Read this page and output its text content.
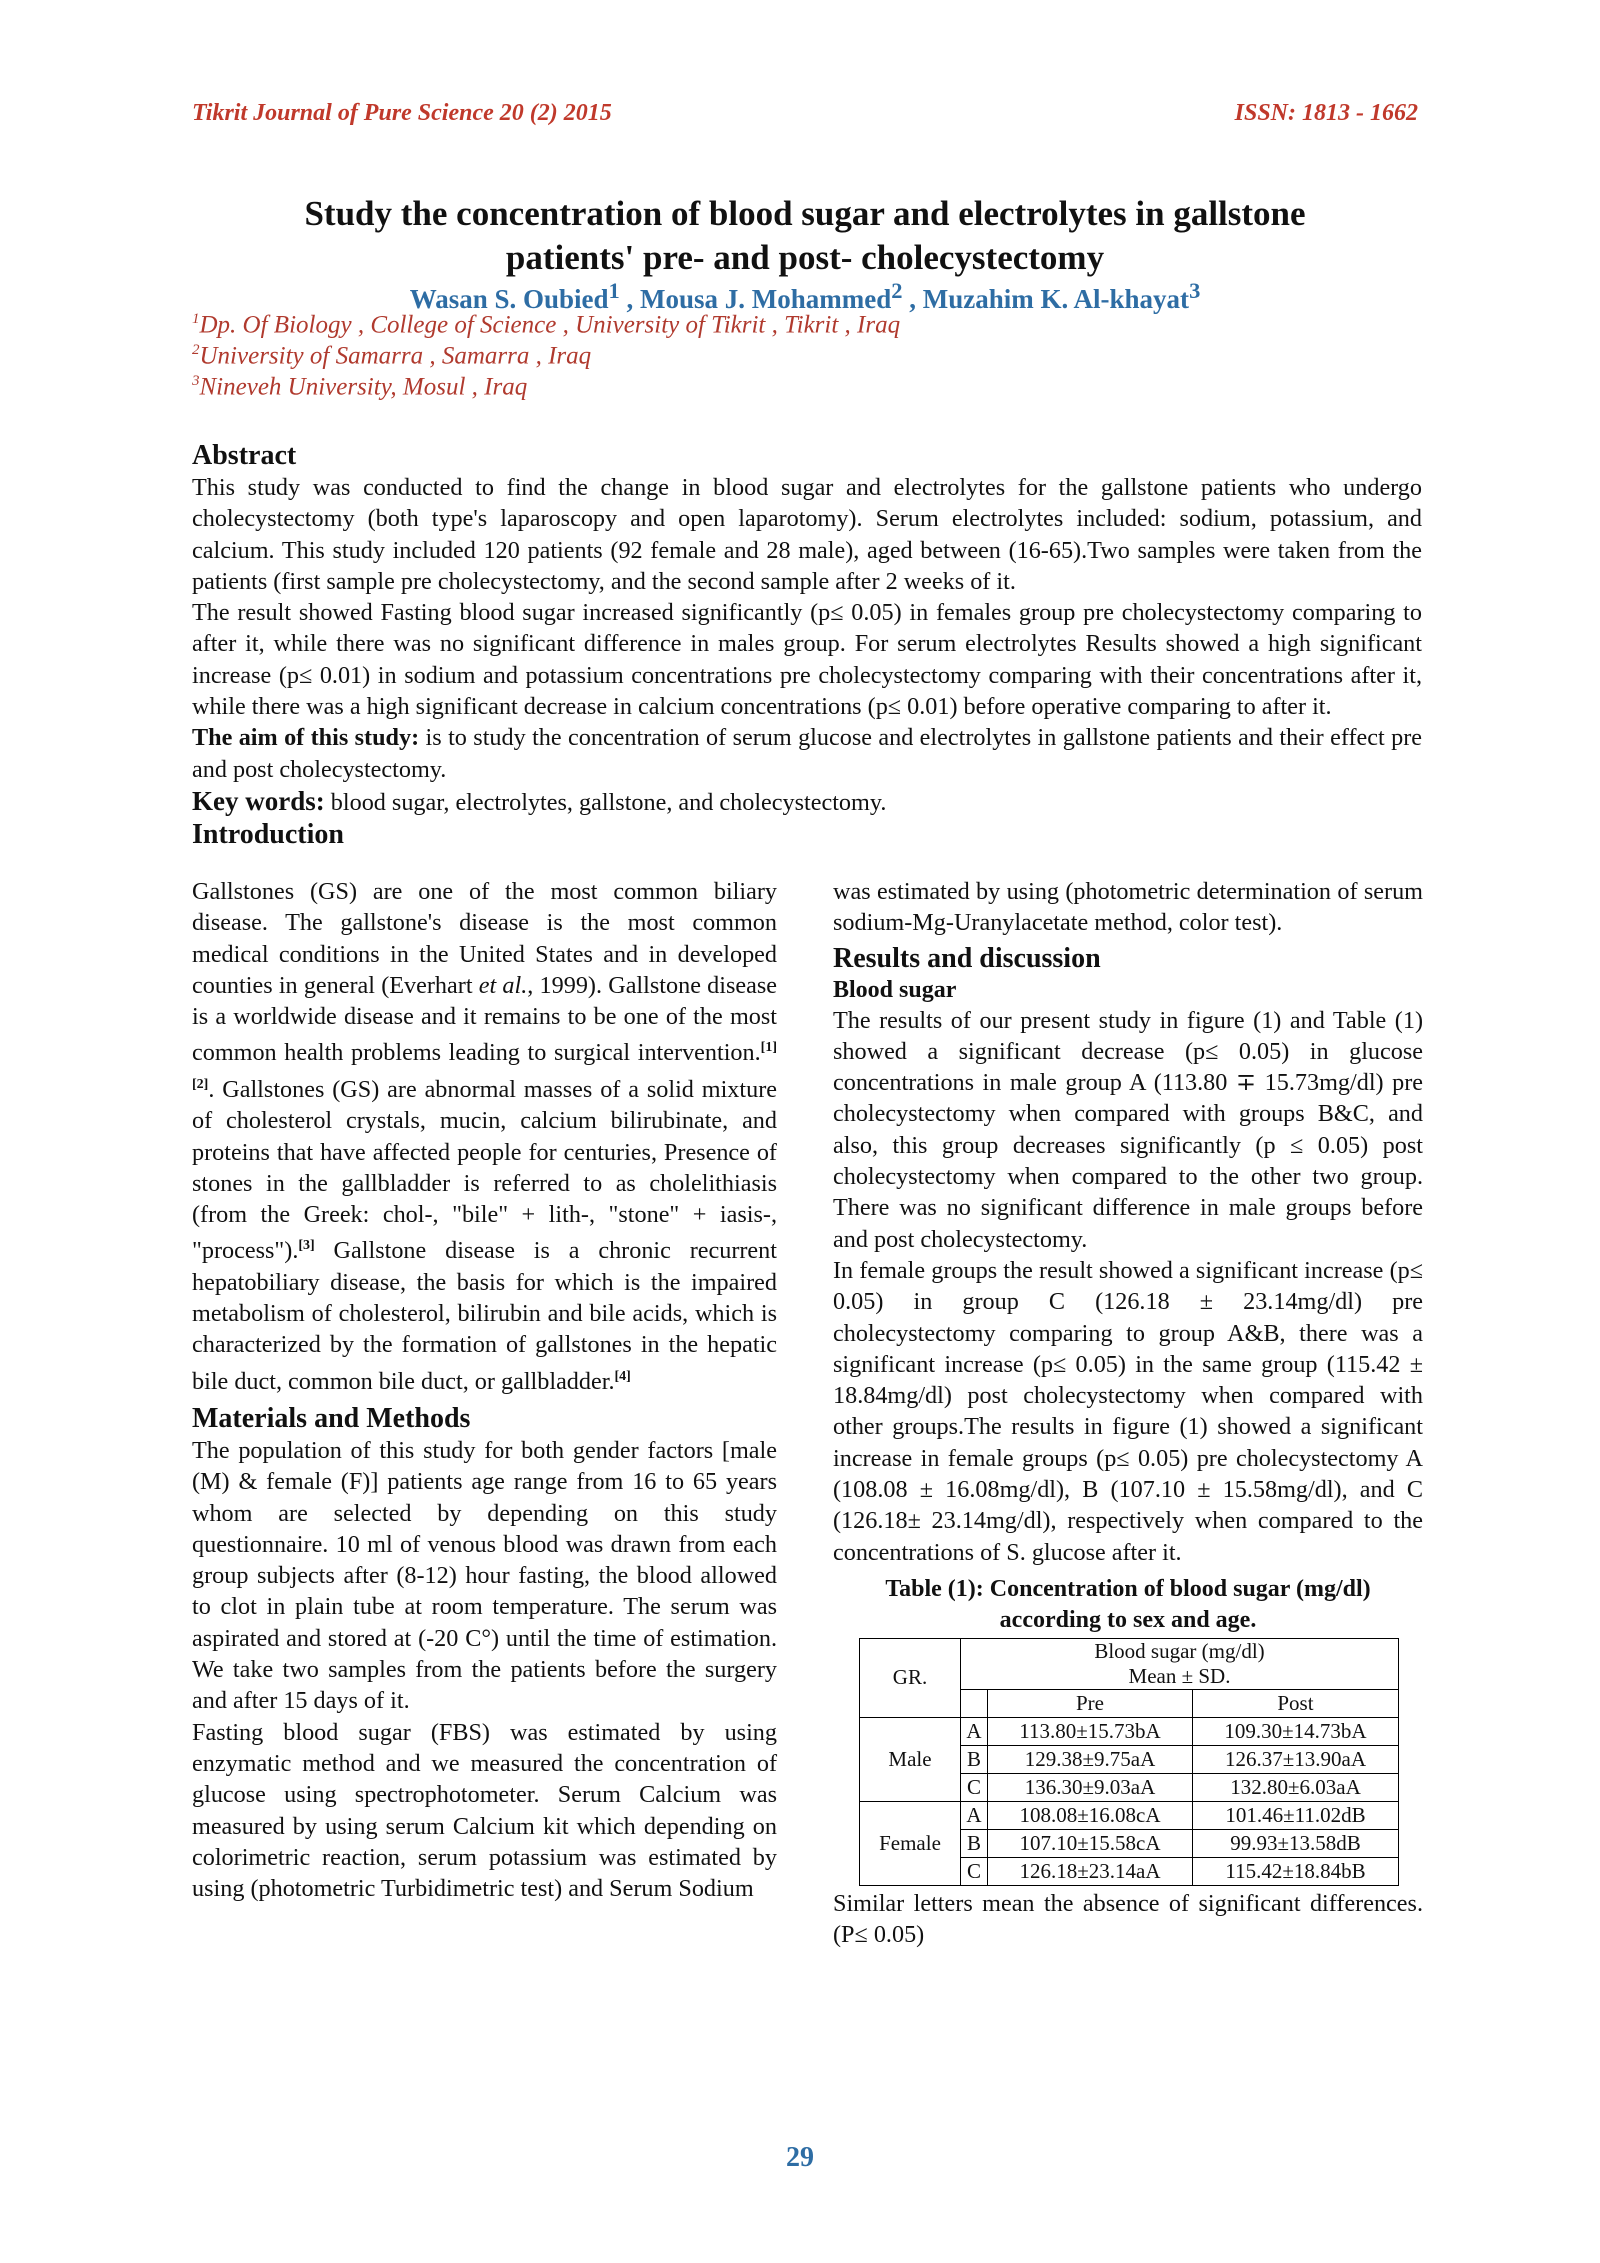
Tikrit Journal of Pure Science 20 (2) 2015	ISSN: 1813 - 1662
Study the concentration of blood sugar and electrolytes in gallstone
patients' pre- and post- cholecystectomy
Wasan S. Oubied$^1$ , Mousa J. Mohammed$^2$ , Muzahim K. Al-khayat$^3$
$^1$Dp. Of Biology , College of Science , University of Tikrit , Tikrit , Iraq
$^2$University of Samarra , Samarra , Iraq
$^3$Nineveh University, Mosul , Iraq
Abstract

This study was conducted to find the change in blood sugar and electrolytes for the gallstone patients who undergo cholecystectomy (both type's laparoscopy and open laparotomy). Serum electrolytes included: sodium, potassium, and calcium. This study included 120 patients (92 female and 28 male), aged between (16-65).Two samples were taken from the patients (first sample pre cholecystectomy, and the second sample after 2 weeks of it.

The result showed Fasting blood sugar increased significantly (p≤ 0.05) in females group pre cholecystectomy comparing to after it, while there was no significant difference in males group. For serum electrolytes Results showed a high significant increase (p≤ 0.01) in sodium and potassium concentrations pre cholecystectomy comparing with their concentrations after it, while there was a high significant decrease in calcium concentrations (p≤ 0.01) before operative comparing to after it.

The aim of this study: is to study the concentration of serum glucose and electrolytes in gallstone patients and their effect pre and post cholecystectomy.

Key words: blood sugar, electrolytes, gallstone, and cholecystectomy.

Introduction

Gallstones (GS) are one of the most common biliary disease. The gallstone's disease is the most common medical conditions in the United States and in developed counties in general (Everhart et al., 1999). Gallstone disease is a worldwide disease and it remains to be one of the most common health problems leading to surgical intervention.[1][2]. Gallstones (GS) are abnormal masses of a solid mixture of cholesterol crystals, mucin, calcium bilirubinate, and proteins that have affected people for centuries, Presence of stones in the gallbladder is referred to as cholelithiasis (from the Greek: chol-, "bile" + lith-, "stone" + iasis-, "process").[3] Gallstone disease is a chronic recurrent hepatobiliary disease, the basis for which is the impaired metabolism of cholesterol, bilirubin and bile acids, which is characterized by the formation of gallstones in the hepatic bile duct, common bile duct, or gallbladder.[4]

Materials and Methods

The population of this study for both gender factors [male (M) & female (F)] patients age range from 16 to 65 years whom are selected by depending on this study questionnaire. 10 ml of venous blood was drawn from each group subjects after (8-12) hour fasting, the blood allowed to clot in plain tube at room temperature. The serum was aspirated and stored at (-20 C°) until the time of estimation. We take two samples from the patients before the surgery and after 15 days of it.

Fasting blood sugar (FBS) was estimated by using enzymatic method and we measured the concentration of glucose using spectrophotometer. Serum Calcium was measured by using serum Calcium kit which depending on colorimetric reaction, serum potassium was estimated by using (photometric Turbidimetric test) and Serum Sodium

was estimated by using (photometric determination of serum sodium-Mg-Uranylacetate method, color test).

Results and discussion
Blood sugar

The results of our present study in figure (1) and Table (1) showed a significant decrease (p≤ 0.05) in glucose concentrations in male group A (113.80 ∓ 15.73mg/dl) pre cholecystectomy when compared with groups B&C, and also, this group decreases significantly (p ≤ 0.05) post cholecystectomy when compared to the other two group. There was no significant difference in male groups before and post cholecystectomy.

In female groups the result showed a significant increase (p≤ 0.05) in group C (126.18 ± 23.14mg/dl) pre cholecystectomy comparing to group A&B, there was a significant increase (p≤ 0.05) in the same group (115.42 ± 18.84mg/dl) post cholecystectomy when compared with other groups.The results in figure (1) showed a significant increase in female groups (p≤ 0.05) pre cholecystectomy A (108.08 ± 16.08mg/dl), B (107.10 ± 15.58mg/dl), and C (126.18± 23.14mg/dl), respectively when compared to the concentrations of S. glucose after it.

Table (1): Concentration of blood sugar (mg/dl)
according to sex and age.
GR.	Blood sugar (mg/dl)
Mean ± SD.		

		Pre	Post
Male	A	113.80±15.73bA	109.30±14.73bA
	B	129.38±9.75aA	126.37±13.90aA
	C	136.30±9.03aA	132.80±6.03aA
Female	A	108.08±16.08cA	101.46±11.02dB
	B	107.10±15.58cA	99.93±13.58dB
	C	126.18±23.14aA	115.42±18.84bB

Similar letters mean the absence of significant differences. (P≤ 0.05)

29
